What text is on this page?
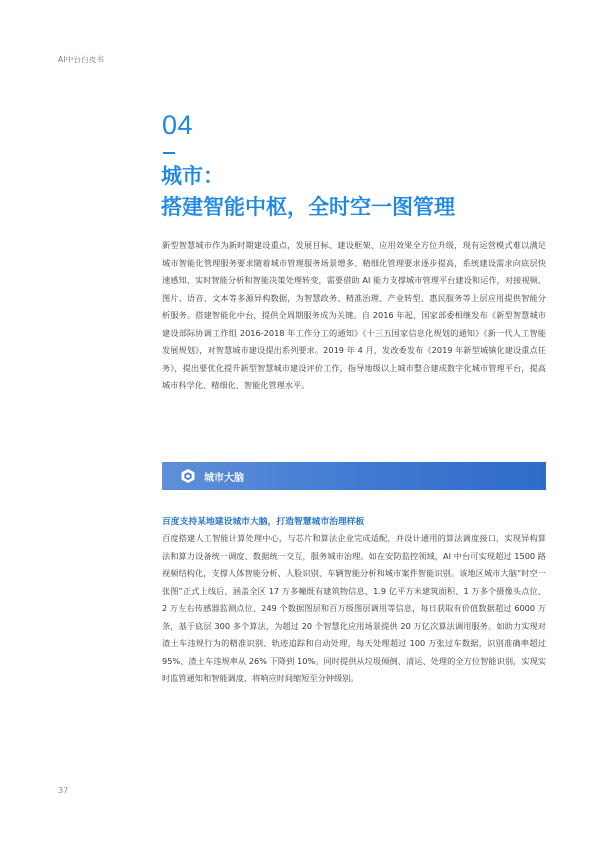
AI中台白皮书
04
城市：
搭建智能中枢，全时空一图管理

新型智慧城市作为新时期建设重点，发展目标、建设框架、应用效果全方位升级，现有运营模式难以满足城市智能化管理服务要求随着城市管理服务场景增多、精细化管理要求逐步提高，系统建设需求向底层快速感知、实时智能分析和智能决策处理转变，需要借助 AI 能力支撑城市管理平台建设和运作，对接视频、图片、语音、文本等多源异构数据，为智慧政务、精准治理、产业转型、惠民服务等上层应用提供智能分析服务。搭建智能化中台，提供全周期服务成为关键。自 2016 年起，国家部委相继发布《新型智慧城市建设部际协调工作组 2016-2018 年工作分工的通知》《十三五国家信息化规划的通知》《新一代人工智能发展规划》，对智慧城市建设提出系列要求。2019 年 4 月，发改委发布《2019 年新型城镇化建设重点任务》，提出要优化提升新型智慧城市建设评价工作，指导地级以上城市整合建成数字化城市管理平台，提高城市科学化、精细化、智能化管理水平。

城市大脑
百度支持某地建设城市大脑，打造智慧城市治理样板

百度搭建人工智能计算处理中心，与芯片和算法企业完成适配，并设计通用的算法调度接口，实现异构算法和算力设备统一调度、数据统一交互，服务城市治理。如在安防监控领域，AI 中台可实现超过 1500 路视频结构化，支撑人体智能分析、人脸识别、车辆智能分析和城市案件智能识别。该地区城市大脑“时空一张图”正式上线后，涵盖全区 17 万多幢既有建筑物信息、1.9 亿平方米建筑面积、1 万多个摄像头点位、2 万左右传感器监测点位、249 个数据图层和百万级图层调用等信息，每日获取有价值数据超过 6000 万条，基于底层 300 多个算法，为超过 20 个智慧化应用场景提供 20 万亿次算法调用服务。如助力实现对渣土车违规行为的精准识别、轨迹追踪和自动处理，每天处理超过 100 万张过车数据，识别准确率超过 95%、渣土车违规率从 26% 下降到 10%。同时提供从垃圾倾倒、清运、处理的全方位智能识别，实现实时监管通知和智能调度，将响应时间缩短至分钟级别。

37
